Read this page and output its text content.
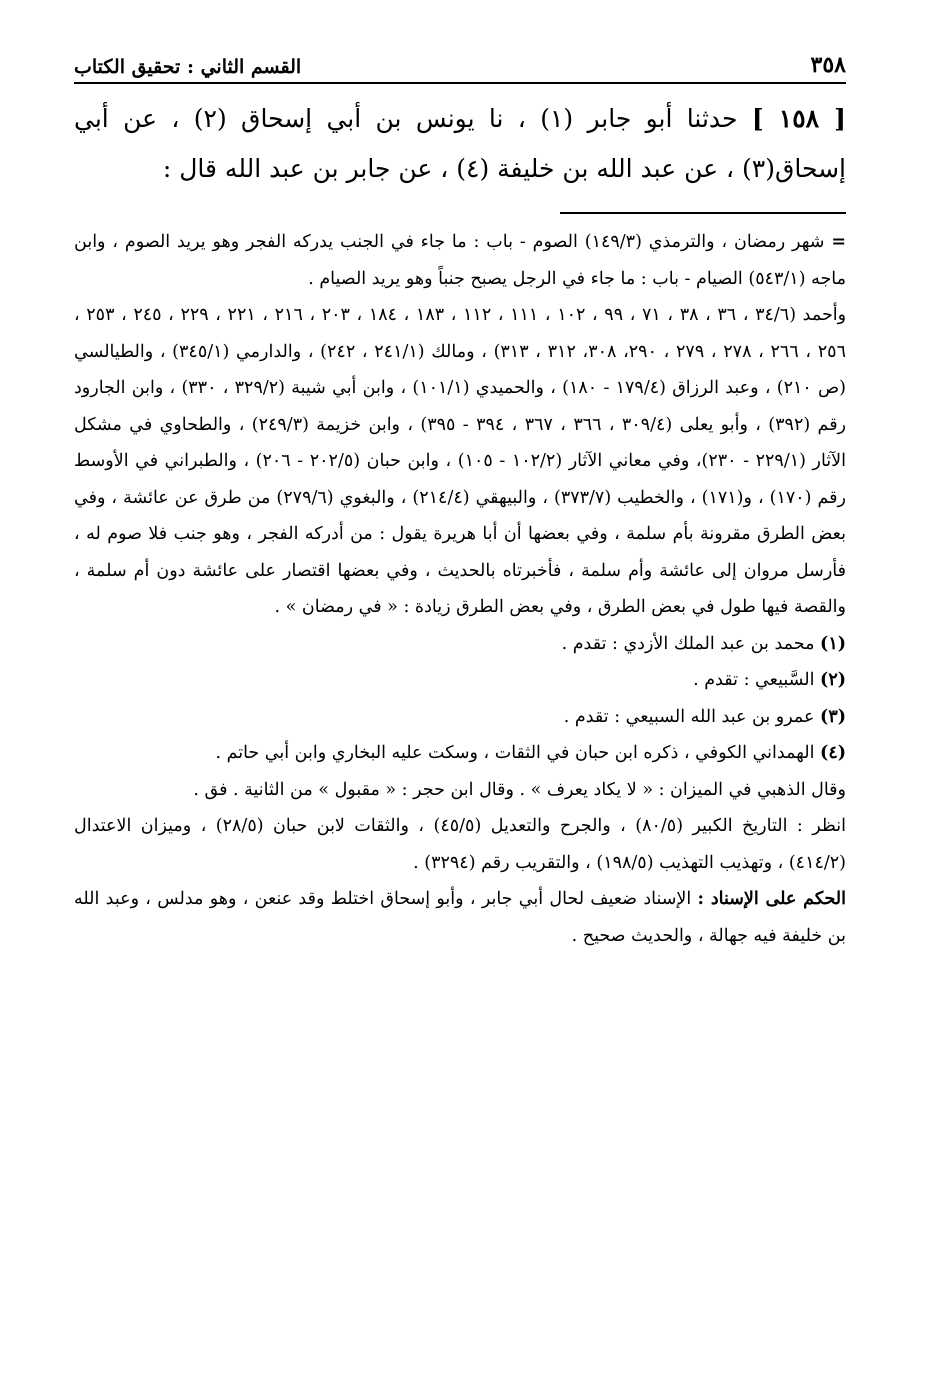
٣٥٨
القسم الثاني : تحقيق الكتاب
[ ١٥٨ ] حدثنا أبو جابر (١) ، نا يونس بن أبي إسحاق (٢) ، عن أبي إسحاق(٣) ، عن عبد الله بن خليفة (٤) ، عن جابر بن عبد الله قال :
= شهر رمضان ، والترمذي (١٤٩/٣) الصوم - باب : ما جاء في الجنب يدركه الفجر وهو يريد الصوم ، وابن ماجه (٥٤٣/١) الصيام - باب : ما جاء في الرجل يصبح جنباً وهو يريد الصيام .
وأحمد (٣٤/٦ ، ٣٦ ، ٣٨ ، ٧١ ، ٩٩ ، ١٠٢ ، ١١١ ، ١١٢ ، ١٨٣ ، ١٨٤ ، ٢٠٣ ، ٢١٦ ، ٢٢١ ، ٢٢٩ ، ٢٤٥ ، ٢٥٣ ، ٢٥٦ ، ٢٦٦ ، ٢٧٨ ، ٢٧٩ ، ٢٩٠، ٣٠٨، ٣١٢ ، ٣١٣) ، ومالك (٢٤١/١ ، ٢٤٢) ، والدارمي (٣٤٥/١) ، والطيالسي (ص ٢١٠) ، وعبد الرزاق (١٧٩/٤ - ١٨٠) ، والحميدي (١٠١/١) ، وابن أبي شيبة (٣٢٩/٢ ، ٣٣٠) ، وابن الجارود رقم (٣٩٢) ، وأبو يعلى (٣٠٩/٤ ، ٣٦٦ ، ٣٦٧ ، ٣٩٤ - ٣٩٥) ، وابن خزيمة (٢٤٩/٣) ، والطحاوي في مشكل الآثار (٢٢٩/١ - ٢٣٠)، وفي معاني الآثار (١٠٢/٢ - ١٠٥) ، وابن حبان (٢٠٢/٥ - ٢٠٦) ، والطبراني في الأوسط رقم (١٧٠) ، و(١٧١) ، والخطيب (٣٧٣/٧) ، والبيهقي (٢١٤/٤) ، والبغوي (٢٧٩/٦) من طرق عن عائشة ، وفي بعض الطرق مقرونة بأم سلمة ، وفي بعضها أن أبا هريرة يقول : من أدركه الفجر ، وهو جنب فلا صوم له ، فأرسل مروان إلى عائشة وأم سلمة ، فأخبرتاه بالحديث ، وفي بعضها اقتصار على عائشة دون أم سلمة ، والقصة فيها طول في بعض الطرق ، وفي بعض الطرق زيادة : « في رمضان » .
(١) محمد بن عبد الملك الأزدي : تقدم .
(٢) السَّبيعي : تقدم .
(٣) عمرو بن عبد الله السبيعي : تقدم .
(٤) الهمداني الكوفي ، ذكره ابن حبان في الثقات ، وسكت عليه البخاري وابن أبي حاتم .
وقال الذهبي في الميزان : « لا يكاد يعرف » . وقال ابن حجر : « مقبول » من الثانية . فق .
انظر : التاريخ الكبير (٨٠/٥) ، والجرح والتعديل (٤٥/٥) ، والثقات لابن حبان (٢٨/٥) ، وميزان الاعتدال (٤١٤/٢) ، وتهذيب التهذيب (١٩٨/٥) ، والتقريب رقم (٣٢٩٤) .
الحكم على الإسناد : الإسناد ضعيف لحال أبي جابر ، وأبو إسحاق اختلط وقد عنعن ، وهو مدلس ، وعبد الله بن خليفة فيه جهالة ، والحديث صحيح .
